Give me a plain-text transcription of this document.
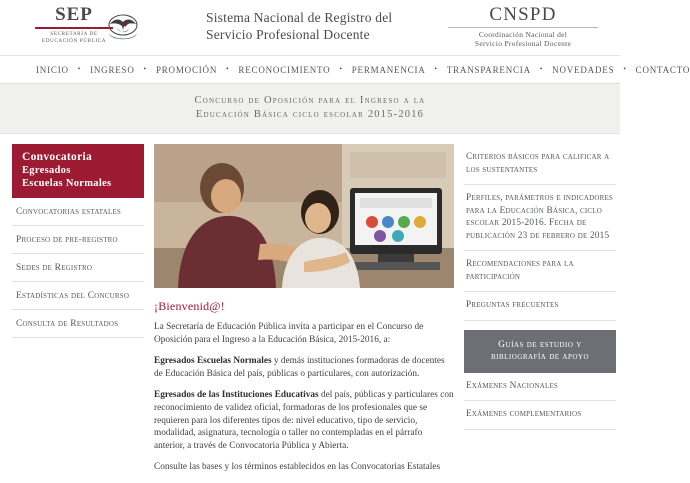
SEP
SECRETARÍA DE
EDUCACIÓN PÚBLICA
Sistema Nacional de Registro del
Servicio Profesional Docente
CNSPD
Coordinación Nacional del
Servicio Profesional Docente
INICIO • INGRESO • PROMOCIÓN • RECONOCIMIENTO • PERMANENCIA • TRANSPARENCIA • NOVEDADES • CONTACTO
Concurso de Oposición para el Ingreso a la
Educación Básica ciclo escolar 2015-2016
Convocatoria
Egresados
Escuelas Normales
Convocatorias estatales
Proceso de pre-registro
Sedes de Registro
Estadísticas del Concurso
Consulta de Resultados
¡Bienvenid@!
La Secretaría de Educación Pública invita a participar en el Concurso de Oposición para el Ingreso a la Educación Básica, 2015-2016, a:
Egresados Escuelas Normales y demás instituciones formadoras de docentes de Educación Básica del país, públicas o particulares, con autorización.
Egresados de las Instituciones Educativas del país, públicas y particulares con reconocimiento de validez oficial, formadoras de los profesionales que se requieren para los diferentes tipos de: nivel educativo, tipo de servicio, modalidad, asignatura, tecnología o taller no contempladas en el párrafo anterior, a través de Convocatoria Pública y Abierta.
Consulte las bases y los términos establecidos en las Convocatorias Estatales
Criterios básicos para calificar a los sustentantes
Perfiles, parámetros e indicadores para la Educación Básica, ciclo escolar 2015-2016. Fecha de publicación 23 de febrero de 2015
Recomendaciones para la participación
Preguntas frecuentes
Guías de estudio y
bibliografía de apoyo
Exámenes Nacionales
Exámenes complementarios
